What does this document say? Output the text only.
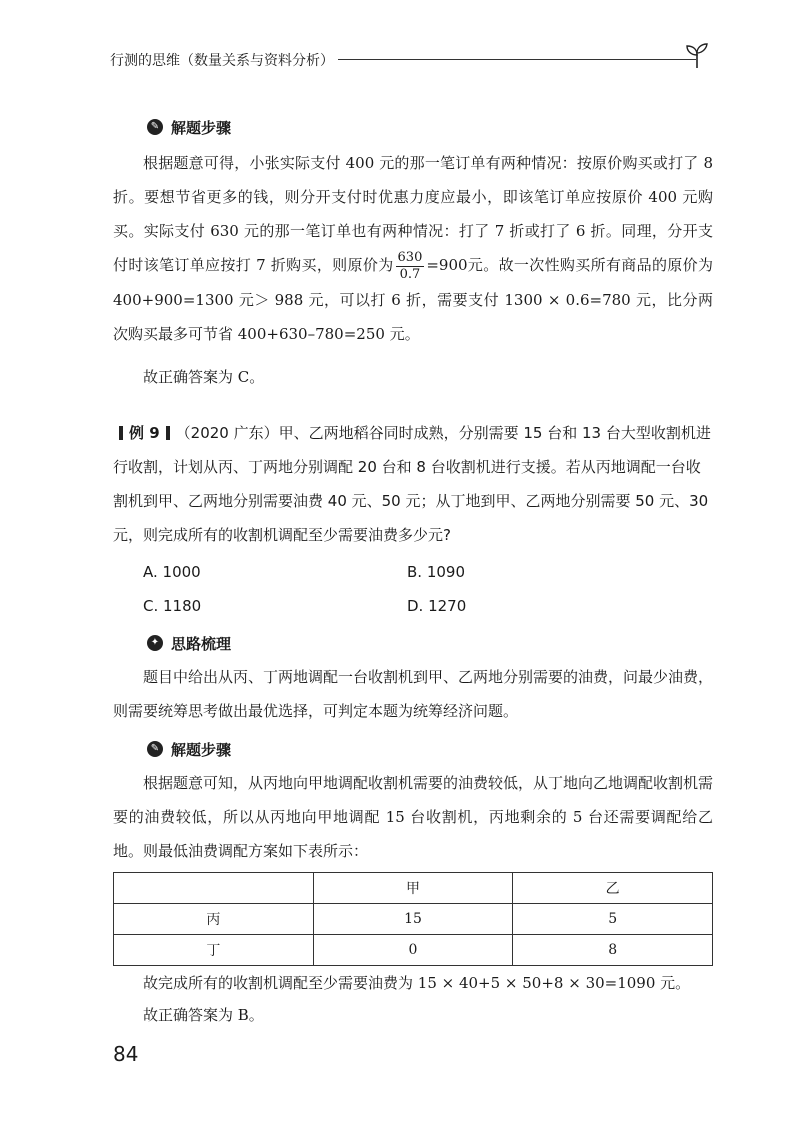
行测的思维（数量关系与资料分析）
✎ 解题步骤

根据题意可得，小张实际支付 400 元的那一笔订单有两种情况：按原价购买或打了 8 折。要想节省更多的钱，则分开支付时优惠力度应最小，即该笔订单应按原价 400 元购买。实际支付 630 元的那一笔订单也有两种情况：打了 7 折或打了 6 折。同理，分开支付时该笔订单应按打 7 折购买，则原价为 $\frac{630}{0.7} =900$元。故一次性购买所有商品的原价为 400+900=1300 元＞ 988 元，可以打 6 折，需要支付 1300 × 0.6=780 元，比分两次购买最多可节省 400+630–780=250 元。

故正确答案为 C。

例 9 （2020 广东）甲、乙两地稻谷同时成熟，分别需要 15 台和 13 台大型收割机进行收割，计划从丙、丁两地分别调配 20 台和 8 台收割机进行支援。若从丙地调配一台收割机到甲、乙两地分别需要油费 40 元、50 元；从丁地到甲、乙两地分别需要 50 元、30 元，则完成所有的收割机调配至少需要油费多少元?

A. 1000	B. 1090
C. 1180	D. 1270
✦ 思路梳理

题目中给出从丙、丁两地调配一台收割机到甲、乙两地分别需要的油费，问最少油费，则需要统筹思考做出最优选择，可判定本题为统筹经济问题。

✎ 解题步骤

根据题意可知，从丙地向甲地调配收割机需要的油费较低，从丁地向乙地调配收割机需要的油费较低，所以从丙地向甲地调配 15 台收割机，丙地剩余的 5 台还需要调配给乙地。则最低油费调配方案如下表所示：

	甲	乙
丙	15	5
丁	0	8

故完成所有的收割机调配至少需要油费为 15 × 40+5 × 50+8 × 30=1090 元。

故正确答案为 B。

84
